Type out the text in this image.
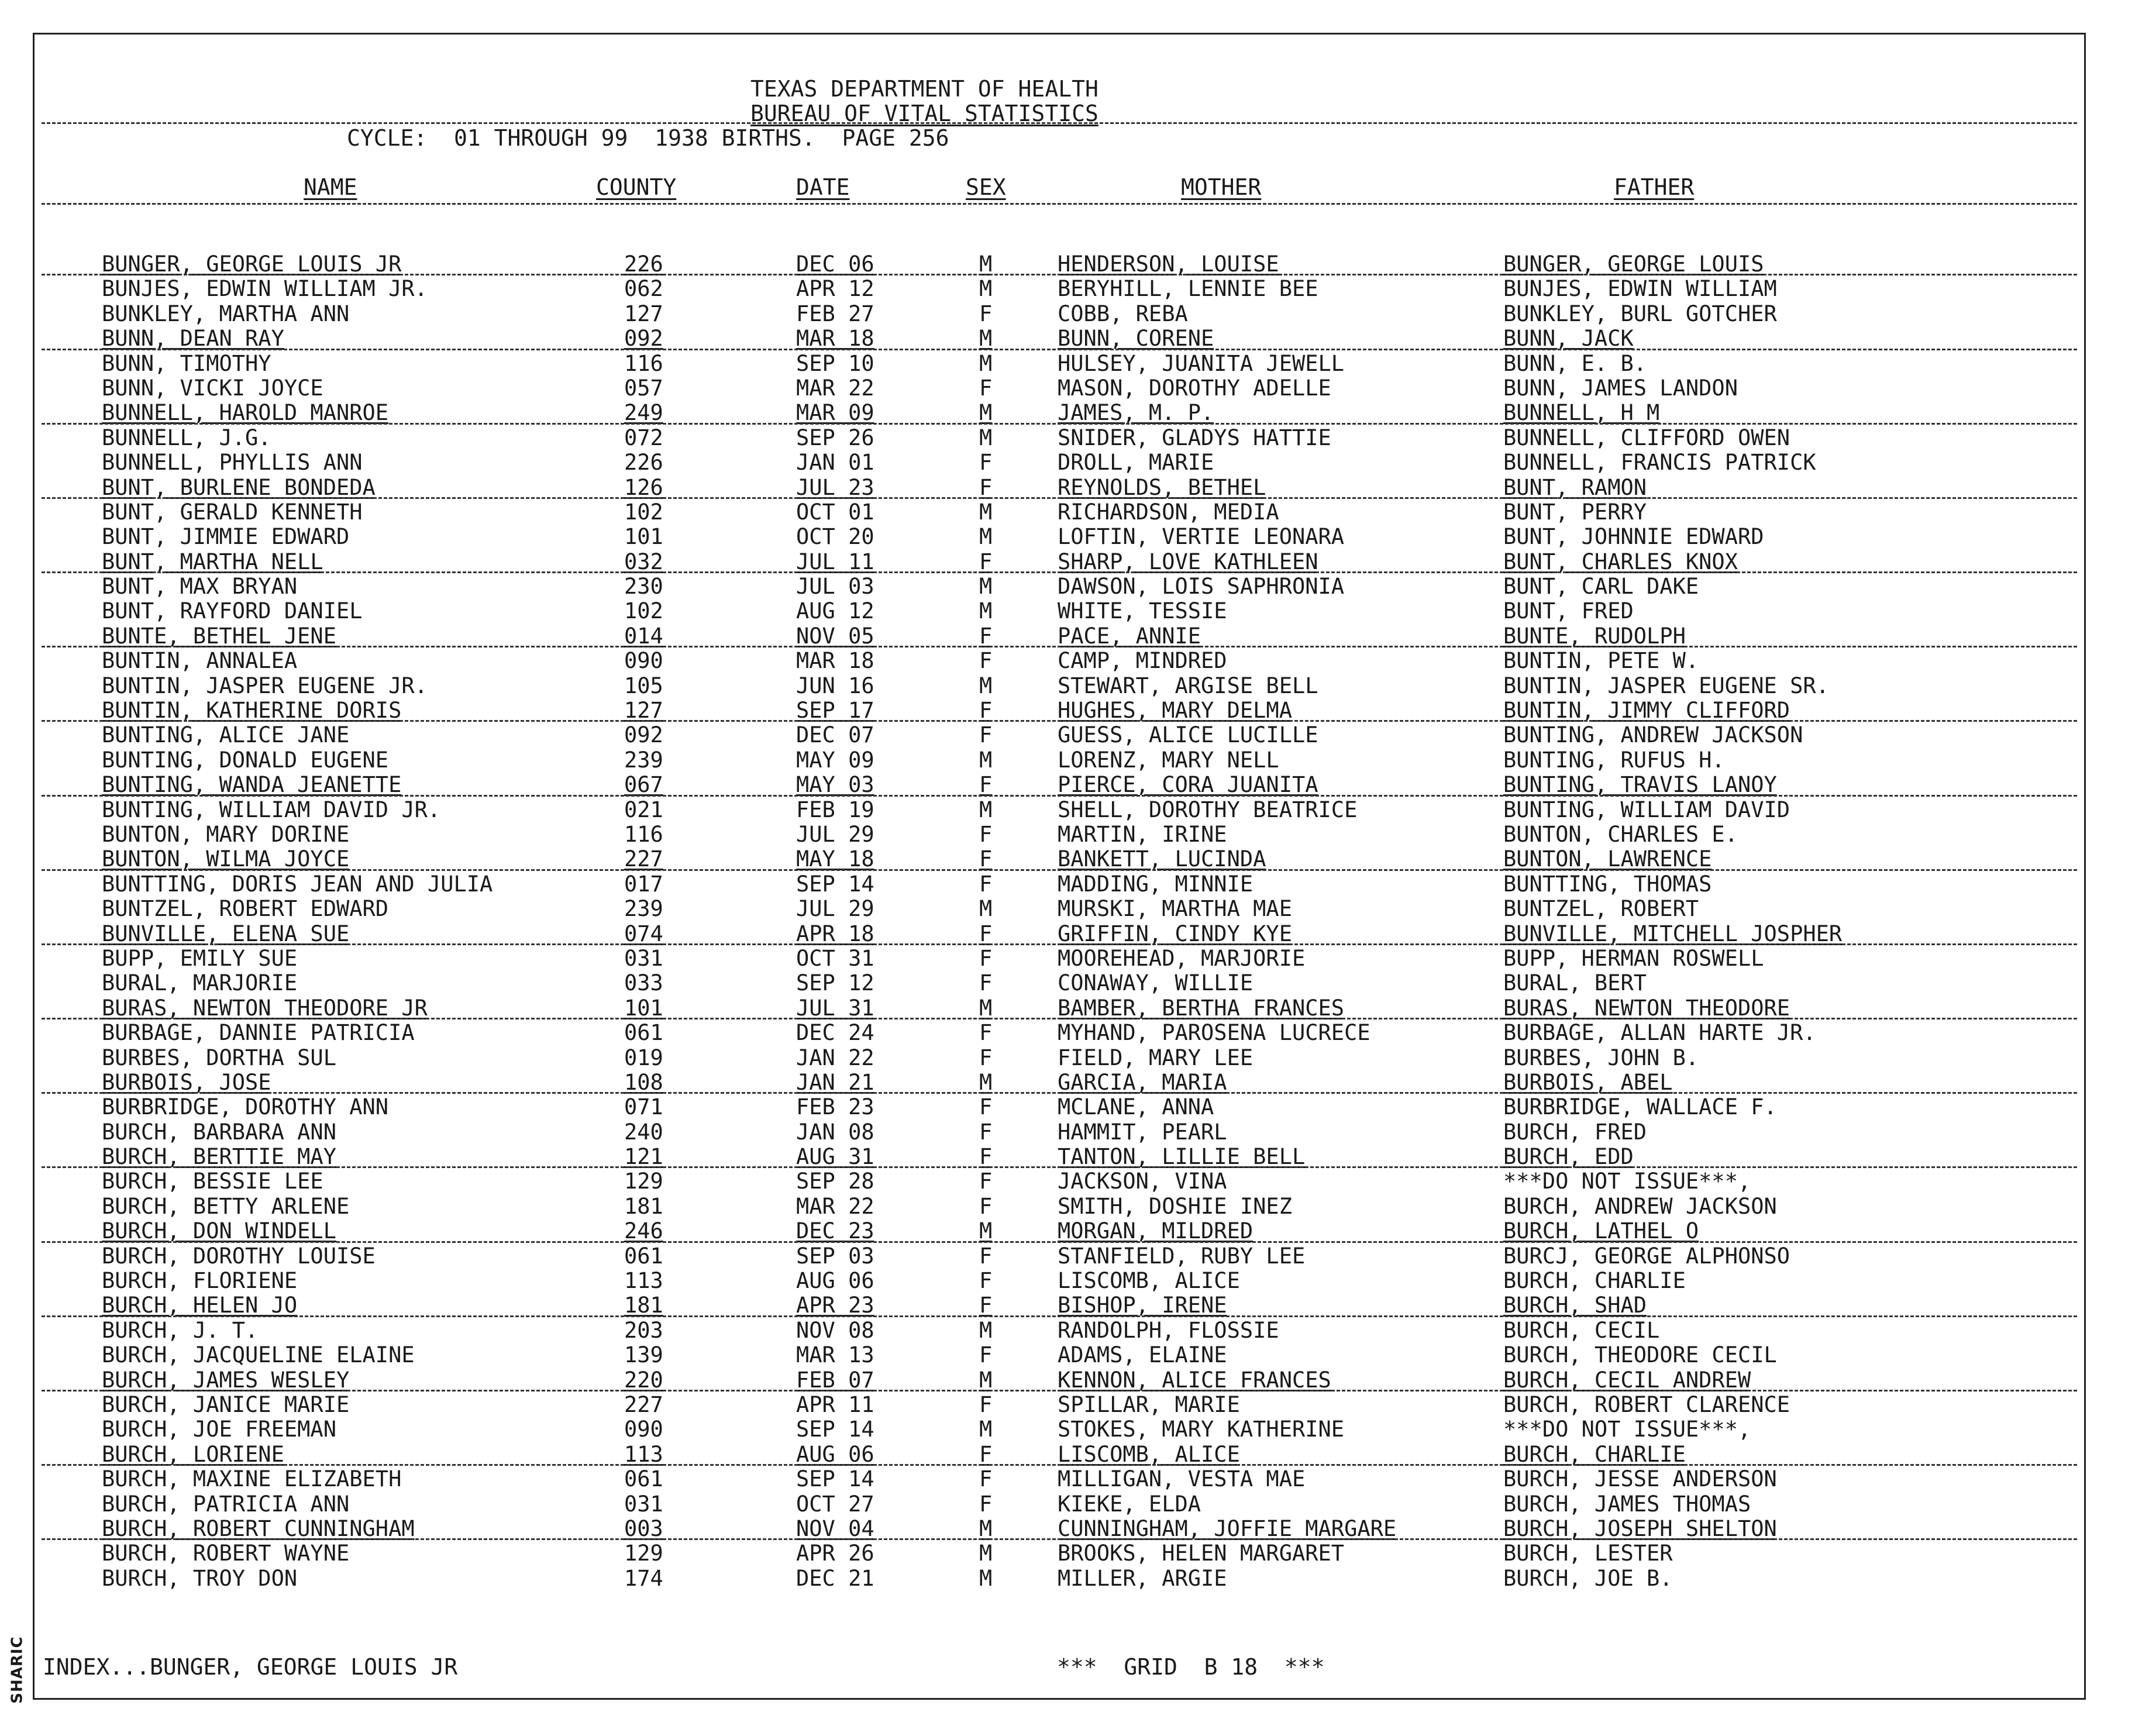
TEXAS DEPARTMENT OF HEALTH
BUREAU OF VITAL STATISTICS
CYCLE:  01 THROUGH 99  1938 BIRTHS.  PAGE 256
NAME	COUNTY	DATE	SEX	MOTHER	FATHER
BUNGER, GEORGE LOUIS JR	226	DEC 06	M	HENDERSON, LOUISE	BUNGER, GEORGE LOUIS
BUNJES, EDWIN WILLIAM JR.	062	APR 12	M	BERYHILL, LENNIE BEE	BUNJES, EDWIN WILLIAM
BUNKLEY, MARTHA ANN	127	FEB 27	F	COBB, REBA	BUNKLEY, BURL GOTCHER
BUNN, DEAN RAY	092	MAR 18	M	BUNN, CORENE	BUNN, JACK
BUNN, TIMOTHY	116	SEP 10	M	HULSEY, JUANITA JEWELL	BUNN, E. B.
BUNN, VICKI JOYCE	057	MAR 22	F	MASON, DOROTHY ADELLE	BUNN, JAMES LANDON
BUNNELL, HAROLD MANROE	249	MAR 09	M	JAMES, M. P.	BUNNELL, H M
BUNNELL, J.G.	072	SEP 26	M	SNIDER, GLADYS HATTIE	BUNNELL, CLIFFORD OWEN
BUNNELL, PHYLLIS ANN	226	JAN 01	F	DROLL, MARIE	BUNNELL, FRANCIS PATRICK
BUNT, BURLENE BONDEDA	126	JUL 23	F	REYNOLDS, BETHEL	BUNT, RAMON
BUNT, GERALD KENNETH	102	OCT 01	M	RICHARDSON, MEDIA	BUNT, PERRY
BUNT, JIMMIE EDWARD	101	OCT 20	M	LOFTIN, VERTIE LEONARA	BUNT, JOHNNIE EDWARD
BUNT, MARTHA NELL	032	JUL 11	F	SHARP, LOVE KATHLEEN	BUNT, CHARLES KNOX
BUNT, MAX BRYAN	230	JUL 03	M	DAWSON, LOIS SAPHRONIA	BUNT, CARL DAKE
BUNT, RAYFORD DANIEL	102	AUG 12	M	WHITE, TESSIE	BUNT, FRED
BUNTE, BETHEL JENE	014	NOV 05	F	PACE, ANNIE	BUNTE, RUDOLPH
BUNTIN, ANNALEA	090	MAR 18	F	CAMP, MINDRED	BUNTIN, PETE W.
BUNTIN, JASPER EUGENE JR.	105	JUN 16	M	STEWART, ARGISE BELL	BUNTIN, JASPER EUGENE SR.
BUNTIN, KATHERINE DORIS	127	SEP 17	F	HUGHES, MARY DELMA	BUNTIN, JIMMY CLIFFORD
BUNTING, ALICE JANE	092	DEC 07	F	GUESS, ALICE LUCILLE	BUNTING, ANDREW JACKSON
BUNTING, DONALD EUGENE	239	MAY 09	M	LORENZ, MARY NELL	BUNTING, RUFUS H.
BUNTING, WANDA JEANETTE	067	MAY 03	F	PIERCE, CORA JUANITA	BUNTING, TRAVIS LANOY
BUNTING, WILLIAM DAVID JR.	021	FEB 19	M	SHELL, DOROTHY BEATRICE	BUNTING, WILLIAM DAVID
BUNTON, MARY DORINE	116	JUL 29	F	MARTIN, IRINE	BUNTON, CHARLES E.
BUNTON, WILMA JOYCE	227	MAY 18	F	BANKETT, LUCINDA	BUNTON, LAWRENCE
BUNTTING, DORIS JEAN AND JULIA	017	SEP 14	F	MADDING, MINNIE	BUNTTING, THOMAS
BUNTZEL, ROBERT EDWARD	239	JUL 29	M	MURSKI, MARTHA MAE	BUNTZEL, ROBERT
BUNVILLE, ELENA SUE	074	APR 18	F	GRIFFIN, CINDY KYE	BUNVILLE, MITCHELL JOSPHER
BUPP, EMILY SUE	031	OCT 31	F	MOOREHEAD, MARJORIE	BUPP, HERMAN ROSWELL
BURAL, MARJORIE	033	SEP 12	F	CONAWAY, WILLIE	BURAL, BERT
BURAS, NEWTON THEODORE JR	101	JUL 31	M	BAMBER, BERTHA FRANCES	BURAS, NEWTON THEODORE
BURBAGE, DANNIE PATRICIA	061	DEC 24	F	MYHAND, PAROSENA LUCRECE	BURBAGE, ALLAN HARTE JR.
BURBES, DORTHA SUL	019	JAN 22	F	FIELD, MARY LEE	BURBES, JOHN B.
BURBOIS, JOSE	108	JAN 21	M	GARCIA, MARIA	BURBOIS, ABEL
BURBRIDGE, DOROTHY ANN	071	FEB 23	F	MCLANE, ANNA	BURBRIDGE, WALLACE F.
BURCH, BARBARA ANN	240	JAN 08	F	HAMMIT, PEARL	BURCH, FRED
BURCH, BERTTIE MAY	121	AUG 31	F	TANTON, LILLIE BELL	BURCH, EDD
BURCH, BESSIE LEE	129	SEP 28	F	JACKSON, VINA	***DO NOT ISSUE***,
BURCH, BETTY ARLENE	181	MAR 22	F	SMITH, DOSHIE INEZ	BURCH, ANDREW JACKSON
BURCH, DON WINDELL	246	DEC 23	M	MORGAN, MILDRED	BURCH, LATHEL O
BURCH, DOROTHY LOUISE	061	SEP 03	F	STANFIELD, RUBY LEE	BURCJ, GEORGE ALPHONSO
BURCH, FLORIENE	113	AUG 06	F	LISCOMB, ALICE	BURCH, CHARLIE
BURCH, HELEN JO	181	APR 23	F	BISHOP, IRENE	BURCH, SHAD
BURCH, J. T.	203	NOV 08	M	RANDOLPH, FLOSSIE	BURCH, CECIL
BURCH, JACQUELINE ELAINE	139	MAR 13	F	ADAMS, ELAINE	BURCH, THEODORE CECIL
BURCH, JAMES WESLEY	220	FEB 07	M	KENNON, ALICE FRANCES	BURCH, CECIL ANDREW
BURCH, JANICE MARIE	227	APR 11	F	SPILLAR, MARIE	BURCH, ROBERT CLARENCE
BURCH, JOE FREEMAN	090	SEP 14	M	STOKES, MARY KATHERINE	***DO NOT ISSUE***,
BURCH, LORIENE	113	AUG 06	F	LISCOMB, ALICE	BURCH, CHARLIE
BURCH, MAXINE ELIZABETH	061	SEP 14	F	MILLIGAN, VESTA MAE	BURCH, JESSE ANDERSON
BURCH, PATRICIA ANN	031	OCT 27	F	KIEKE, ELDA	BURCH, JAMES THOMAS
BURCH, ROBERT CUNNINGHAM	003	NOV 04	M	CUNNINGHAM, JOFFIE MARGARE	BURCH, JOSEPH SHELTON
BURCH, ROBERT WAYNE	129	APR 26	M	BROOKS, HELEN MARGARET	BURCH, LESTER
BURCH, TROY DON	174	DEC 21	M	MILLER, ARGIE	BURCH, JOE B.
INDEX...BUNGER, GEORGE LOUIS JR	***  GRID  B 18  ***
SHARIC
